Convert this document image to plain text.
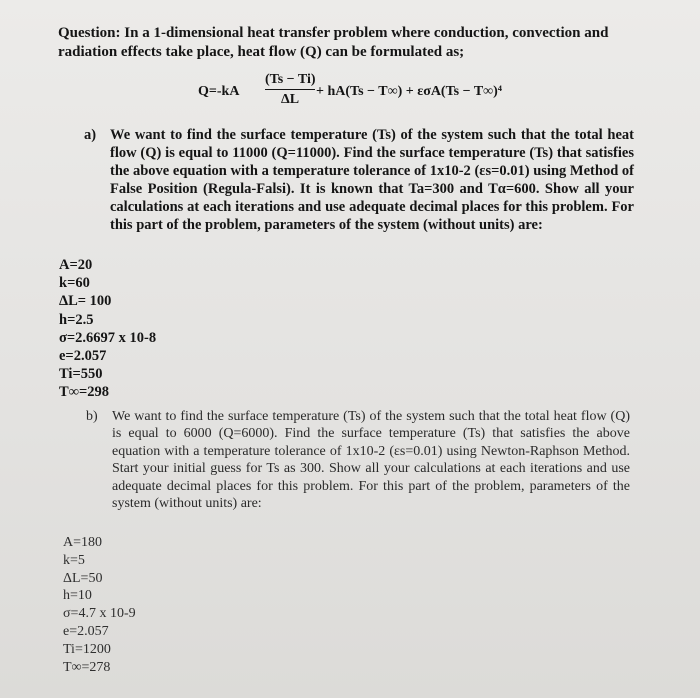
Question: In a 1-dimensional heat transfer problem where conduction, convection and radiation effects take place, heat flow (Q) can be formulated as;
$Q=-kA \frac{(Ts - Ti)}{\Delta L} + hA(Ts - T\infty) + \varepsilon\sigma A(Ts - T\infty)^4$
a) We want to find the surface temperature (Ts) of the system such that the total heat flow (Q) is equal to 11000 (Q=11000). Find the surface temperature (Ts) that satisfies the above equation with a temperature tolerance of 1x10-2 (εs=0.01) using Method of False Position (Regula-Falsi). It is known that Ta=300 and Tα=600. Show all your calculations at each iterations and use adequate decimal places for this problem. For this part of the problem, parameters of the system (without units) are:
A=20
k=60
ΔL= 100
h=2.5
σ=2.6697 x 10-8
e=2.057
Ti=550
T∞=298
b) We want to find the surface temperature (Ts) of the system such that the total heat flow (Q) is equal to 6000 (Q=6000). Find the surface temperature (Ts) that satisfies the above equation with a temperature tolerance of 1x10-2 (εs=0.01) using Newton-Raphson Method. Start your initial guess for Ts as 300. Show all your calculations at each iterations and use adequate decimal places for this problem. For this part of the problem, parameters of the system (without units) are:
A=180
k=5
ΔL=50
h=10
σ=4.7 x 10-9
e=2.057
Ti=1200
T∞=278
